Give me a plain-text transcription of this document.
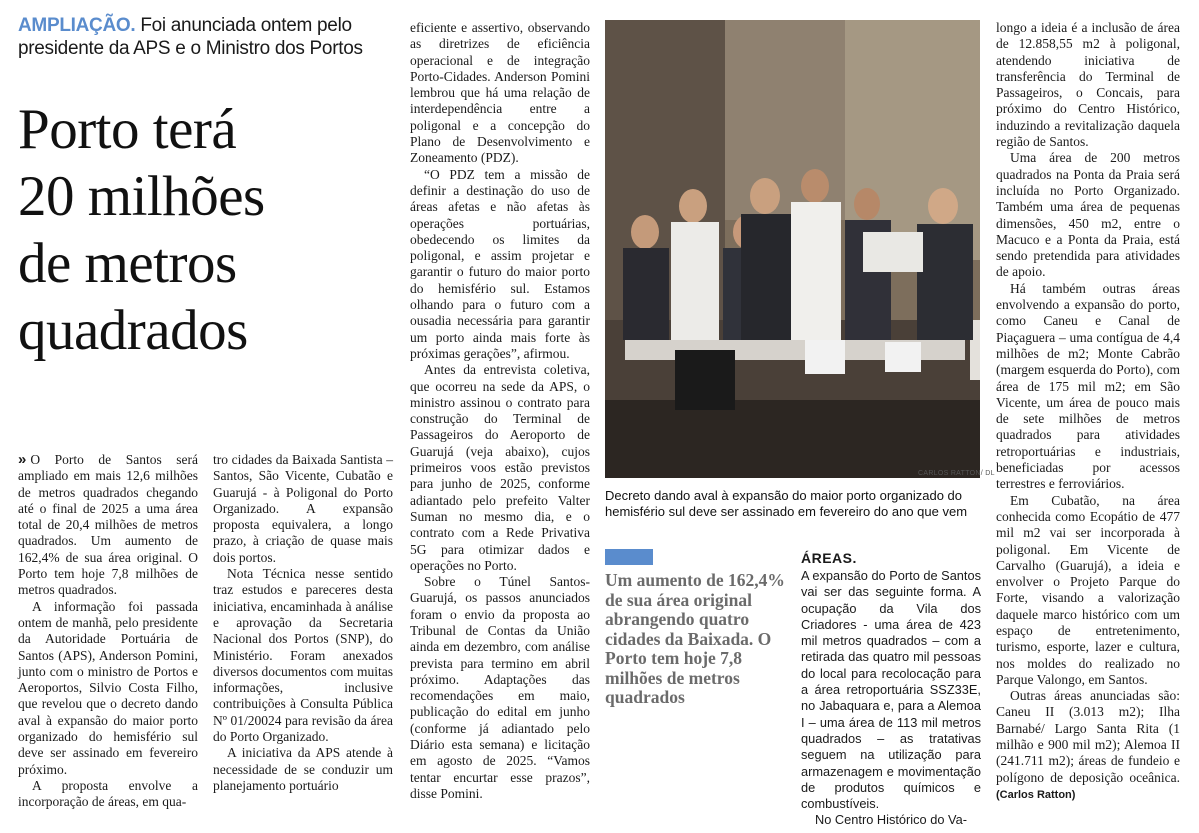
AMPLIAÇÃO. Foi anunciada ontem pelo presidente da APS e o Ministro dos Portos
Porto terá
20 milhões
de metros
quadrados

» O Porto de Santos será ampliado em mais 12,6 milhões de metros quadrados chegando até o final de 2025 a uma área total de 20,4 milhões de metros quadrados. Um aumento de 162,4% de sua área original. O Porto tem hoje 7,8 milhões de metros quadrados.

A informação foi passada ontem de manhã, pelo presidente da Autoridade Portuária de Santos (APS), Anderson Pomini, junto com o ministro de Portos e Aeroportos, Silvio Costa Filho, que revelou que o decreto dando aval à expansão do maior porto organizado do hemisfério sul deve ser assinado em fevereiro próximo.

A proposta envolve a incorporação de áreas, em qua-

tro cidades da Baixada Santista – Santos, São Vicente, Cubatão e Guarujá - à Poligonal do Porto Organizado. A expansão proposta equivalera, a longo prazo, à criação de quase mais dois portos.

Nota Técnica nesse sentido traz estudos e pareceres desta iniciativa, encaminhada à análise e aprovação da Secretaria Nacional dos Portos (SNP), do Ministério. Foram anexados diversos documentos com muitas informações, inclusive contribuições à Consulta Pública Nº 01/20024 para revisão da área do Porto Organizado.

A iniciativa da APS atende à necessidade de se conduzir um planejamento portuário

eficiente e assertivo, observando as diretrizes de eficiência operacional e de integração Porto-Cidades. Anderson Pomini lembrou que há uma relação de interdependência entre a poligonal e a concepção do Plano de Desenvolvimento e Zoneamento (PDZ).

“O PDZ tem a missão de definir a destinação do uso de áreas afetas e não afetas às operações portuárias, obedecendo os limites da poligonal, e assim projetar e garantir o futuro do maior porto do hemisfério sul. Estamos olhando para o futuro com a ousadia necessária para garantir um porto ainda mais forte às próximas gerações”, afirmou.

Antes da entrevista coletiva, que ocorreu na sede da APS, o ministro assinou o contrato para construção do Terminal de Passageiros do Aeroporto de Guarujá (veja abaixo), cujos primeiros voos estão previstos para junho de 2025, conforme adiantado pelo prefeito Valter Suman no mesmo dia, e o contrato com a Rede Privativa 5G para otimizar dados e operações no Porto.

Sobre o Túnel Santos-Guarujá, os passos anunciados foram o envio da proposta ao Tribunal de Contas da União ainda em dezembro, com análise prevista para termino em abril próximo. Adaptações das recomendações em maio, publicação do edital em junho (conforme já adiantado pelo Diário esta semana) e licitação em agosto de 2025. “Vamos tentar encurtar esse prazos”, disse Pomini.

CARLOS RATTON/ DL
Decreto dando aval à expansão do maior porto organizado do hemisfério sul deve ser assinado em fevereiro do ano que vem
Um aumento de 162,4% de sua área original abrangendo quatro cidades da Baixada. O Porto tem hoje 7,8 milhões de metros quadrados
ÁREAS.

A expansão do Porto de Santos vai ser das seguinte forma. A ocupação da Vila dos Criadores - uma área de 423 mil metros quadrados – com a retirada das quatro mil pessoas do local para recolocação para a área retroportuária SSZ33E, no Jabaquara e, para a Alemoa I – uma área de 113 mil metros quadrados – as tratativas seguem na utilização para armazenagem e movimentação de produtos químicos e combustíveis.

No Centro Histórico do Va-

longo a ideia é a inclusão de área de 12.858,55 m2 à poligonal, atendendo iniciativa de transferência do Terminal de Passageiros, o Concais, para próximo do Centro Histórico, induzindo a revitalização daquela região de Santos.

Uma área de 200 metros quadrados na Ponta da Praia será incluída no Porto Organizado. Também uma área de pequenas dimensões, 450 m2, entre o Macuco e a Ponta da Praia, está sendo pretendida para atividades de apoio.

Há também outras áreas envolvendo a expansão do porto, como Caneu e Canal de Piaçaguera – uma contígua de 4,4 milhões de m2; Monte Cabrão (margem esquerda do Porto), com área de 175 mil m2; em São Vicente, um área de pouco mais de sete milhões de metros quadrados para atividades retroportuárias e industriais, beneficiadas por acessos terrestres e ferroviários.

Em Cubatão, na área conhecida como Ecopátio de 477 mil m2 vai ser incorporada à poligonal. Em Vicente de Carvalho (Guarujá), a ideia e envolver o Projeto Parque do Forte, visando a valorização daquele marco histórico com um espaço de entretenimento, turismo, esporte, lazer e cultura, nos moldes do realizado no Parque Valongo, em Santos.

Outras áreas anunciadas são: Caneu II (3.013 m2); Ilha Barnabé/ Largo Santa Rita (1 milhão e 900 mil m2); Alemoa II (241.711 m2); áreas de fundeio e polígono de deposição oceânica. (Carlos Ratton)
